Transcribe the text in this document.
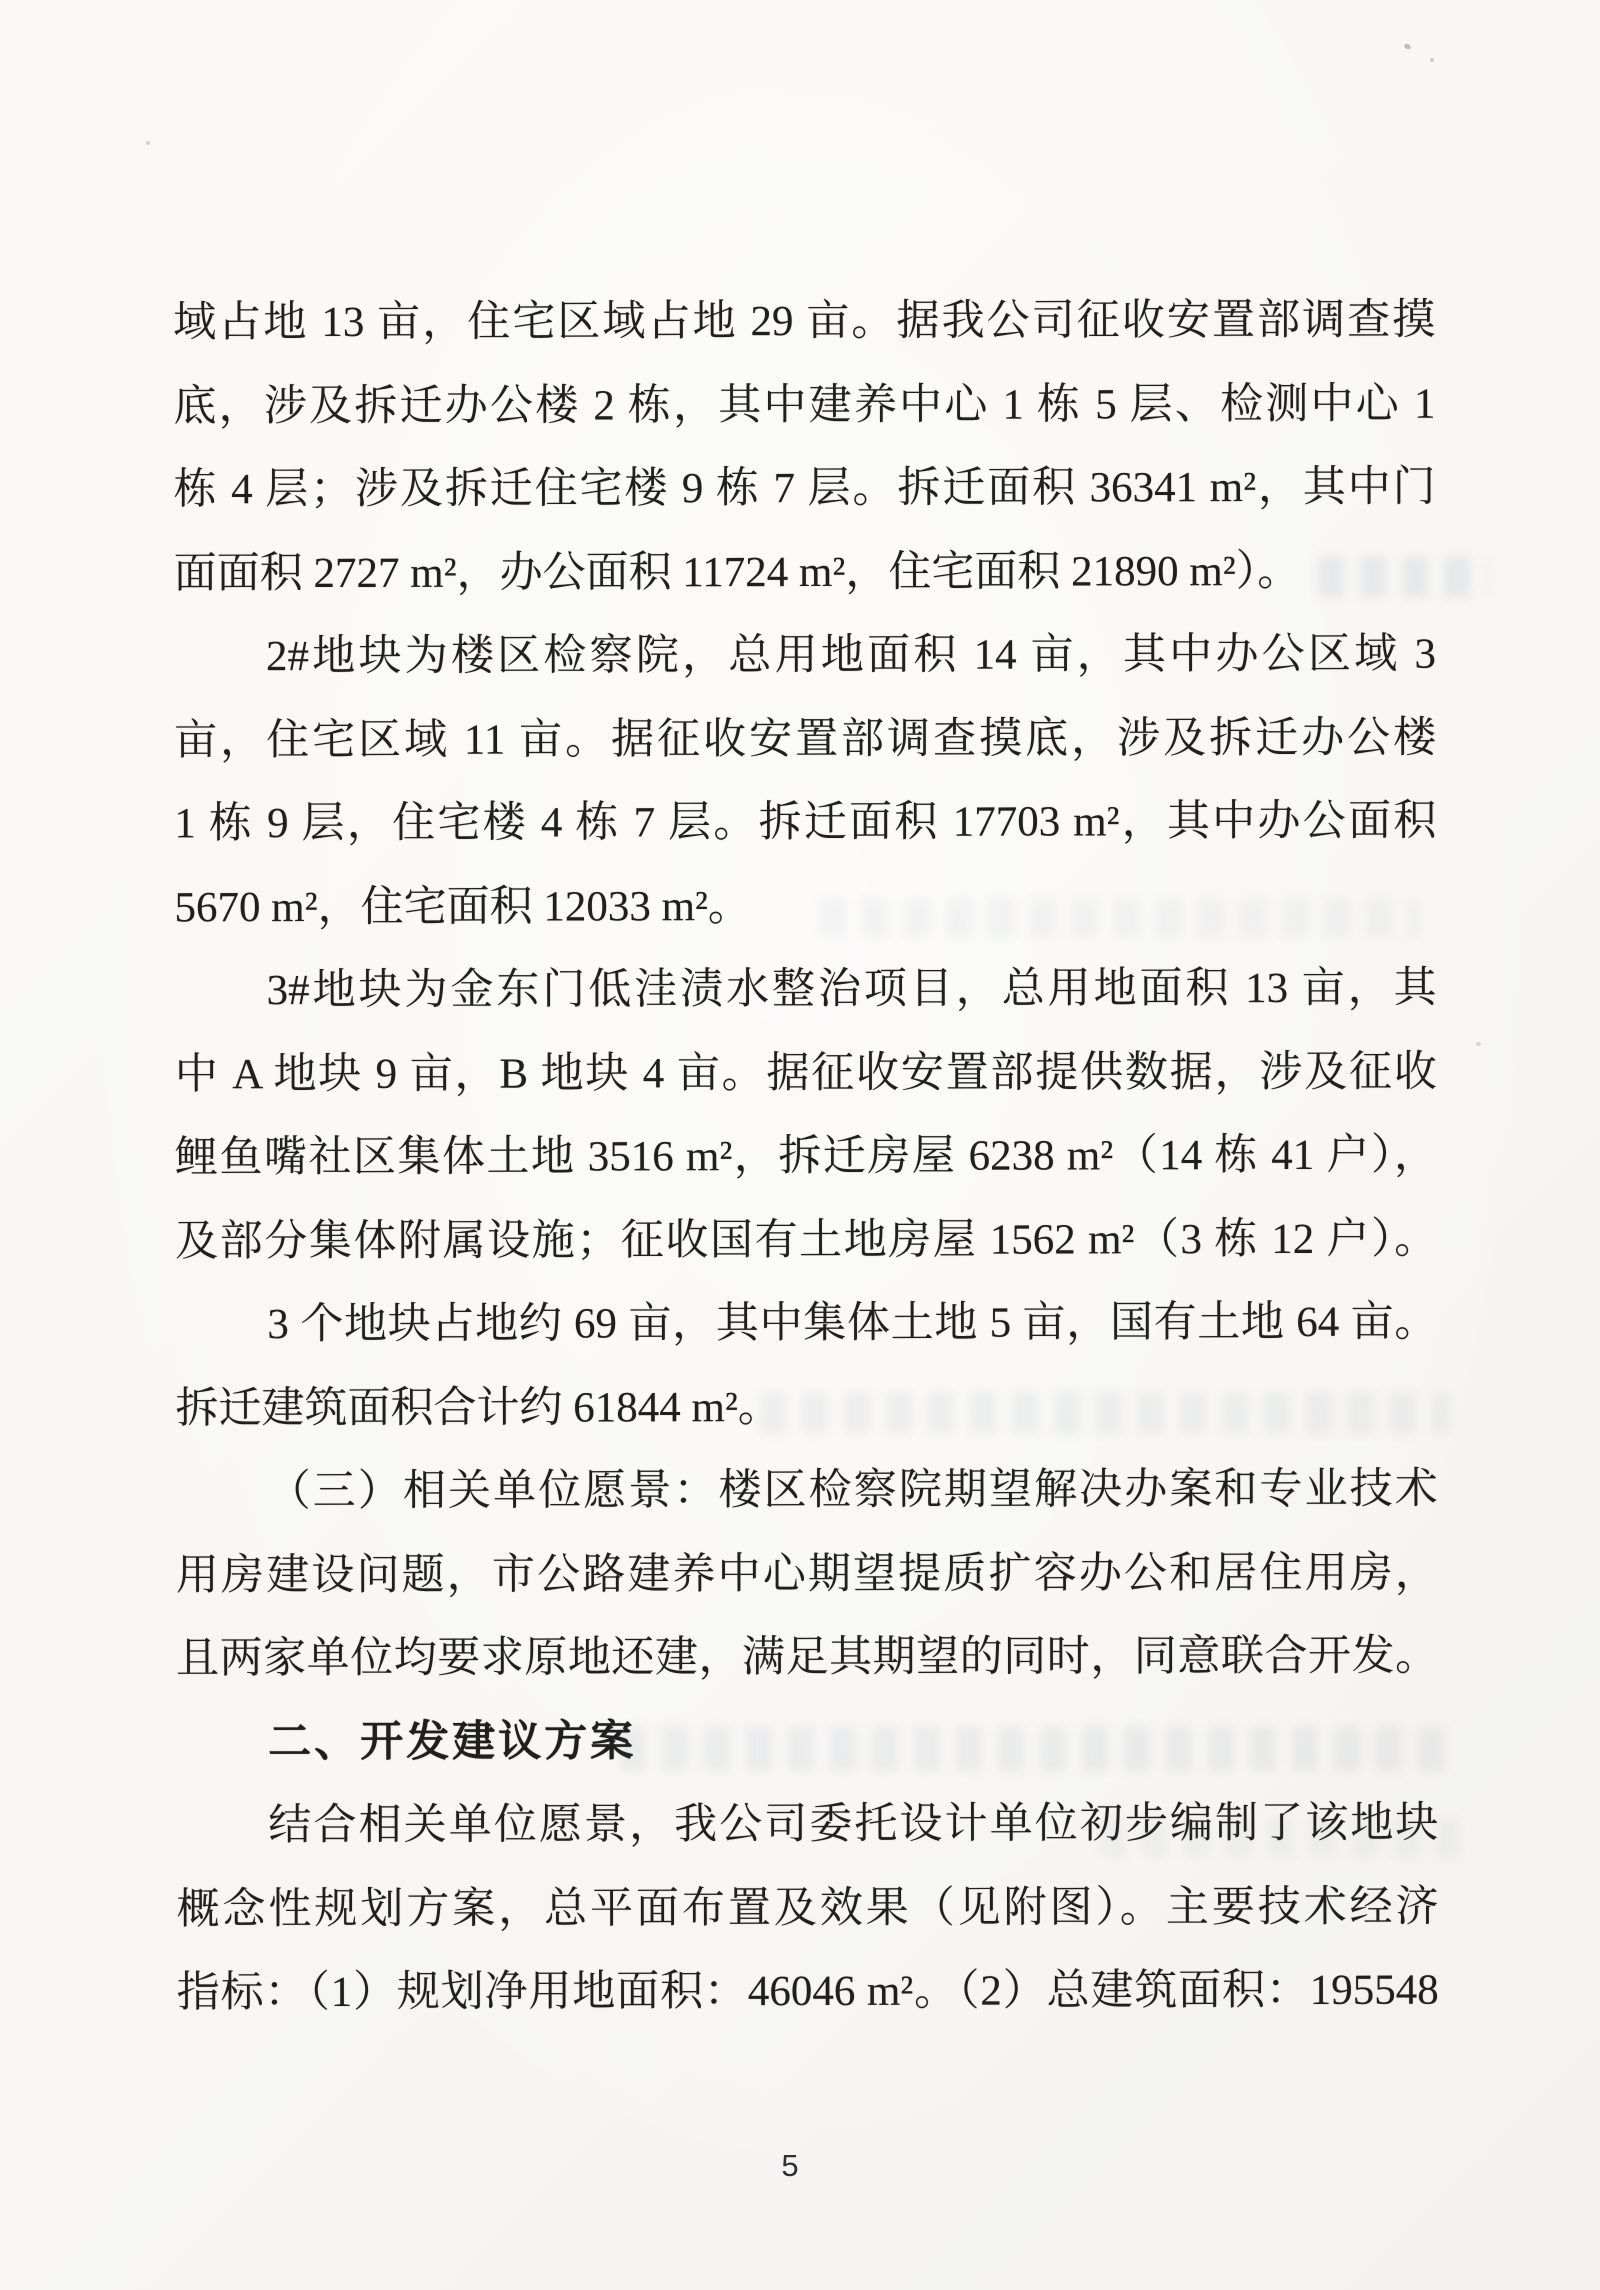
域占地 13 亩，住宅区域占地 29 亩。据我公司征收安置部调查摸

底，涉及拆迁办公楼 2 栋，其中建养中心 1 栋 5 层、检测中心 1

栋 4 层；涉及拆迁住宅楼 9 栋 7 层。拆迁面积 36341 m²，其中门

面面积 2727 m²，办公面积 11724 m²，住宅面积 21890 m²）。

2#地块为楼区检察院，总用地面积 14 亩，其中办公区域 3

亩，住宅区域 11 亩。据征收安置部调查摸底，涉及拆迁办公楼

1 栋 9 层，住宅楼 4 栋 7 层。拆迁面积 17703 m²，其中办公面积

5670 m²，住宅面积 12033 m²。

3#地块为金东门低洼渍水整治项目，总用地面积 13 亩，其

中 A 地块 9 亩，B 地块 4 亩。据征收安置部提供数据，涉及征收

鲤鱼嘴社区集体土地 3516 m²，拆迁房屋 6238 m²（14 栋 41 户），

及部分集体附属设施；征收国有土地房屋 1562 m²（3 栋 12 户）。

3 个地块占地约 69 亩，其中集体土地 5 亩，国有土地 64 亩。

拆迁建筑面积合计约 61844 m²。

（三）相关单位愿景：楼区检察院期望解决办案和专业技术

用房建设问题，市公路建养中心期望提质扩容办公和居住用房，

且两家单位均要求原地还建，满足其期望的同时，同意联合开发。

二、开发建议方案

结合相关单位愿景，我公司委托设计单位初步编制了该地块

概念性规划方案，总平面布置及效果（见附图）。主要技术经济

指标：（1）规划净用地面积：46046 m²。（2）总建筑面积：195548

5
